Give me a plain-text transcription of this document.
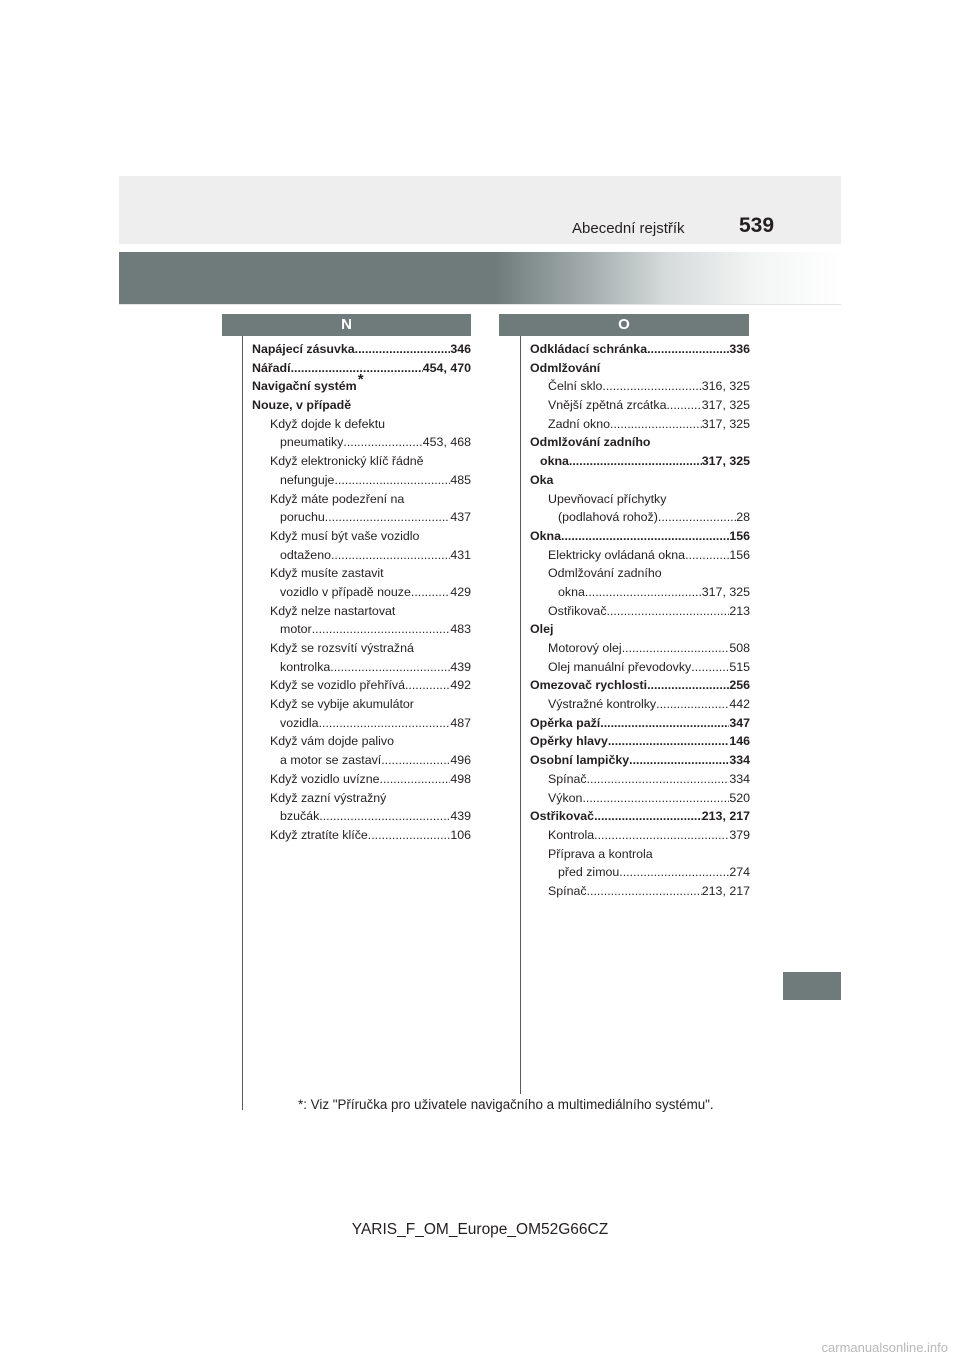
Abecední rejstřík	539
N	O
Napájecí zásuvka .....	346
Nářadí .....	454, 470
Navigační systém*
Nouze, v případě
Když dojde k defektu
pneumatiky .....	453, 468
Když elektronický klíč řádně
nefunguje .....	485
Když máte podezření na
poruchu .....	437
Když musí být vaše vozidlo
odtaženo .....	431
Když musíte zastavit
vozidlo v případě nouze .....	429
Když nelze nastartovat
motor .....	483
Když se rozsvítí výstražná
kontrolka .....	439
Když se vozidlo přehřívá .....	492
Když se vybije akumulátor
vozidla .....	487
Když vám dojde palivo
a motor se zastaví .....	496
Když vozidlo uvízne .....	498
Když zazní výstražný
bzučák .....	439
Když ztratíte klíče .....	106
Odkládací schránka .....	336
Odmlžování
Čelní sklo .....	316, 325
Vnější zpětná zrcátka .....	317, 325
Zadní okno .....	317, 325
Odmlžování zadního
okna .....	317, 325
Oka
Upevňovací příchytky
(podlahová rohož) .....	28
Okna .....	156
Elektricky ovládaná okna .....	156
Odmlžování zadního
okna .....	317, 325
Ostřikovač .....	213
Olej
Motorový olej .....	508
Olej manuální převodovky .....	515
Omezovač rychlosti .....	256
Výstražné kontrolky .....	442
Opěrka paží .....	347
Opěrky hlavy .....	146
Osobní lampičky .....	334
Spínač .....	334
Výkon .....	520
Ostřikovač .....	213, 217
Kontrola .....	379
Příprava a kontrola
před zimou .....	274
Spínač .....	213, 217
*: Viz "Příručka pro uživatele navigačního a multimediálního systému".
YARIS_F_OM_Europe_OM52G66CZ
carmanualsonline.info
